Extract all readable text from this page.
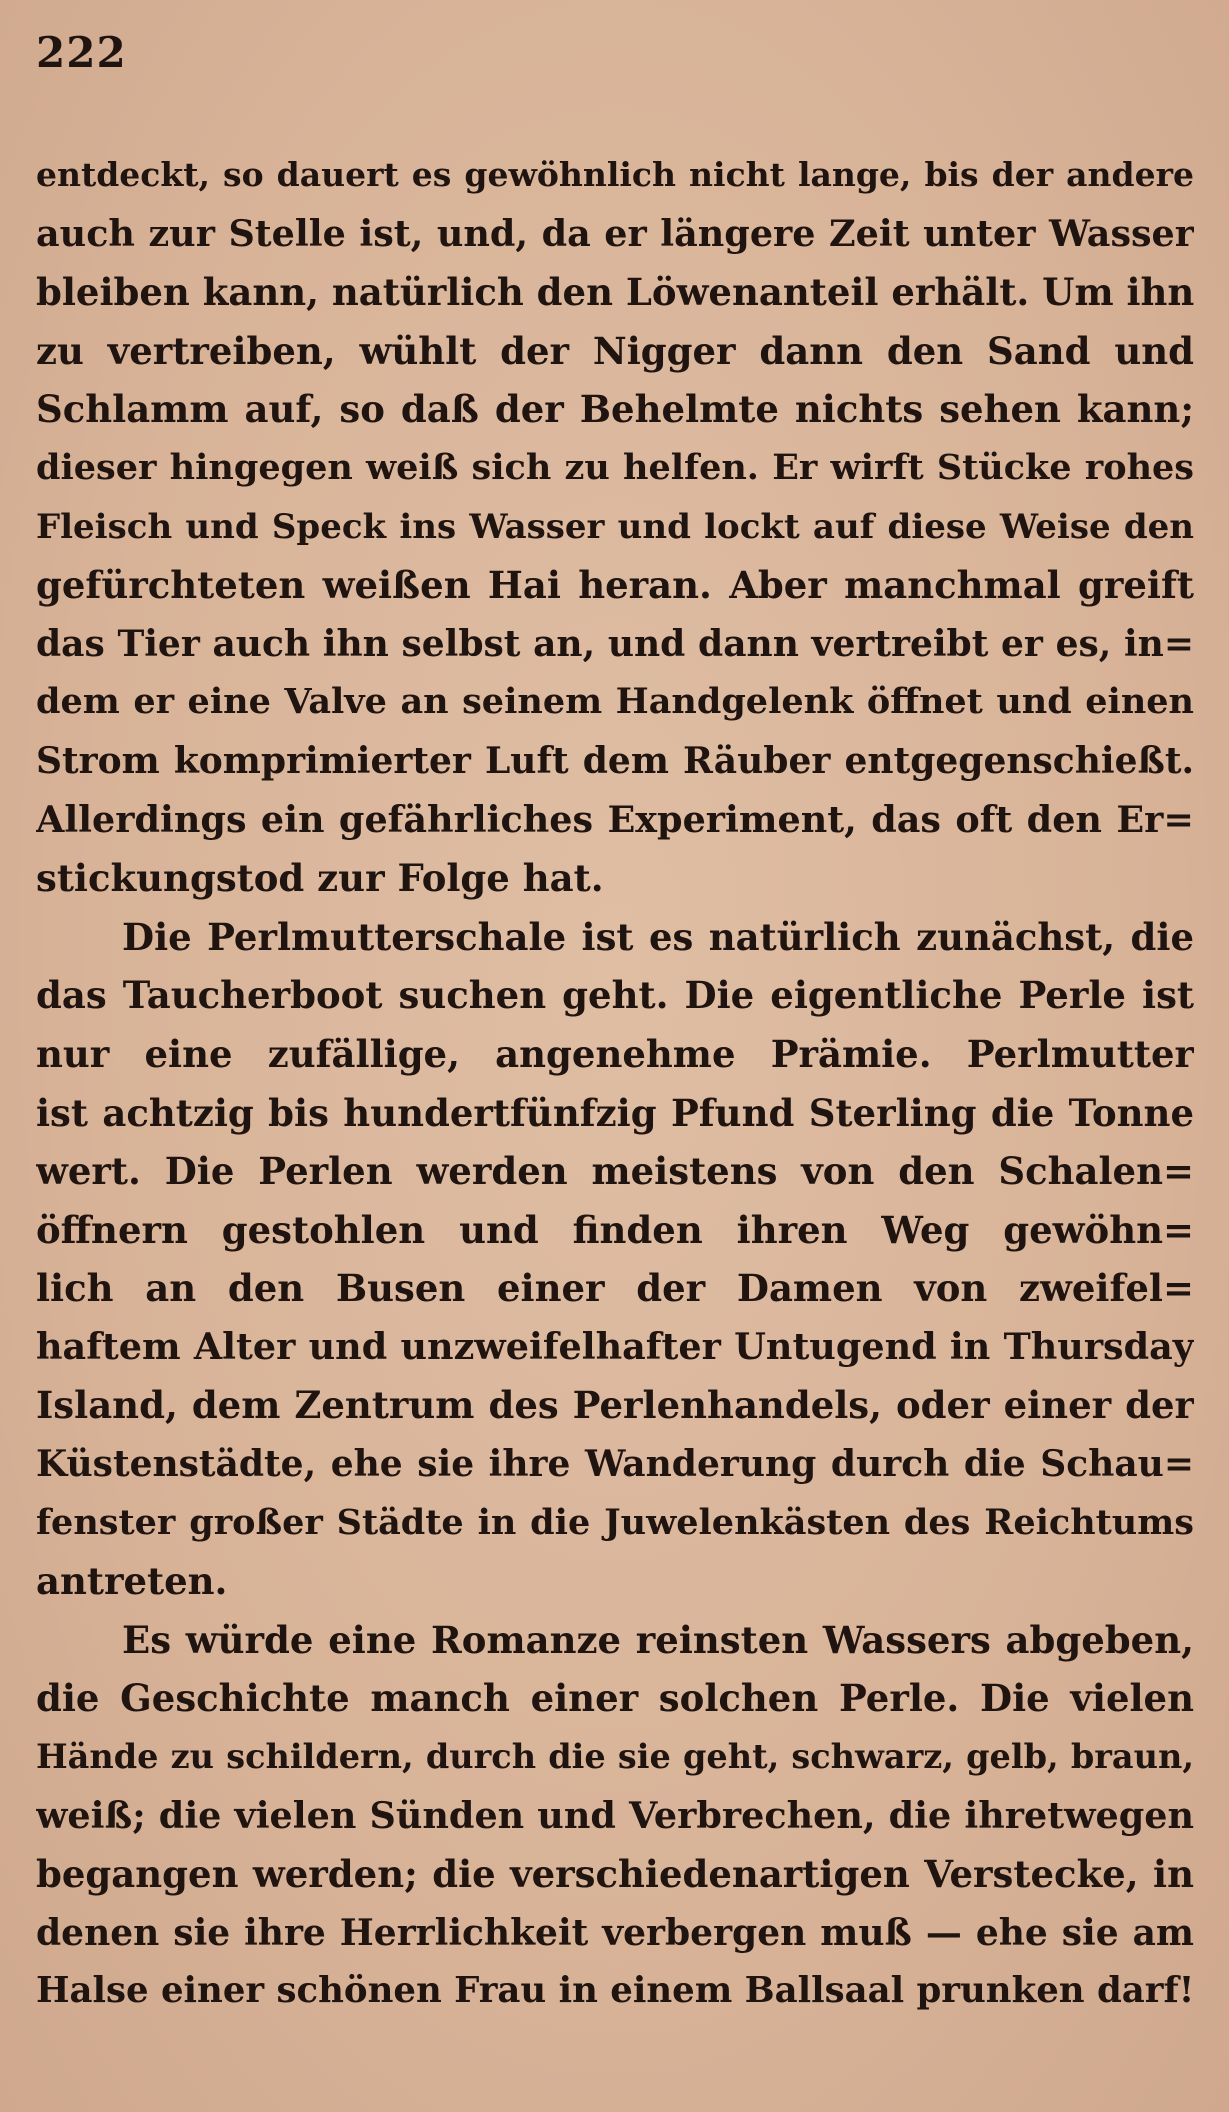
222
entdeckt, so dauert es gewöhnlich nicht lange, bis der andere
auch zur Stelle ist, und, da er längere Zeit unter Wasser
bleiben kann, natürlich den Löwenanteil erhält. Um ihn
zu vertreiben, wühlt der Nigger dann den Sand und
Schlamm auf, so daß der Behelmte nichts sehen kann;
dieser hingegen weiß sich zu helfen. Er wirft Stücke rohes
Fleisch und Speck ins Wasser und lockt auf diese Weise den
gefürchteten weißen Hai heran. Aber manchmal greift
das Tier auch ihn selbst an, und dann vertreibt er es, in=
dem er eine Valve an seinem Handgelenk öffnet und einen
Strom komprimierter Luft dem Räuber entgegenschießt.
Allerdings ein gefährliches Experiment, das oft den Er=
stickungstod zur Folge hat.
Die Perlmutterschale ist es natürlich zunächst, die
das Taucherboot suchen geht. Die eigentliche Perle ist
nur eine zufällige, angenehme Prämie. Perlmutter
ist achtzig bis hundertfünfzig Pfund Sterling die Tonne
wert. Die Perlen werden meistens von den Schalen=
öffnern gestohlen und finden ihren Weg gewöhn=
lich an den Busen einer der Damen von zweifel=
haftem Alter und unzweifelhafter Untugend in Thursday
Island, dem Zentrum des Perlenhandels, oder einer der
Küstenstädte, ehe sie ihre Wanderung durch die Schau=
fenster großer Städte in die Juwelenkästen des Reichtums
antreten.
Es würde eine Romanze reinsten Wassers abgeben,
die Geschichte manch einer solchen Perle. Die vielen
Hände zu schildern, durch die sie geht, schwarz, gelb, braun,
weiß; die vielen Sünden und Verbrechen, die ihretwegen
begangen werden; die verschiedenartigen Verstecke, in
denen sie ihre Herrlichkeit verbergen muß — ehe sie am
Halse einer schönen Frau in einem Ballsaal prunken darf!
